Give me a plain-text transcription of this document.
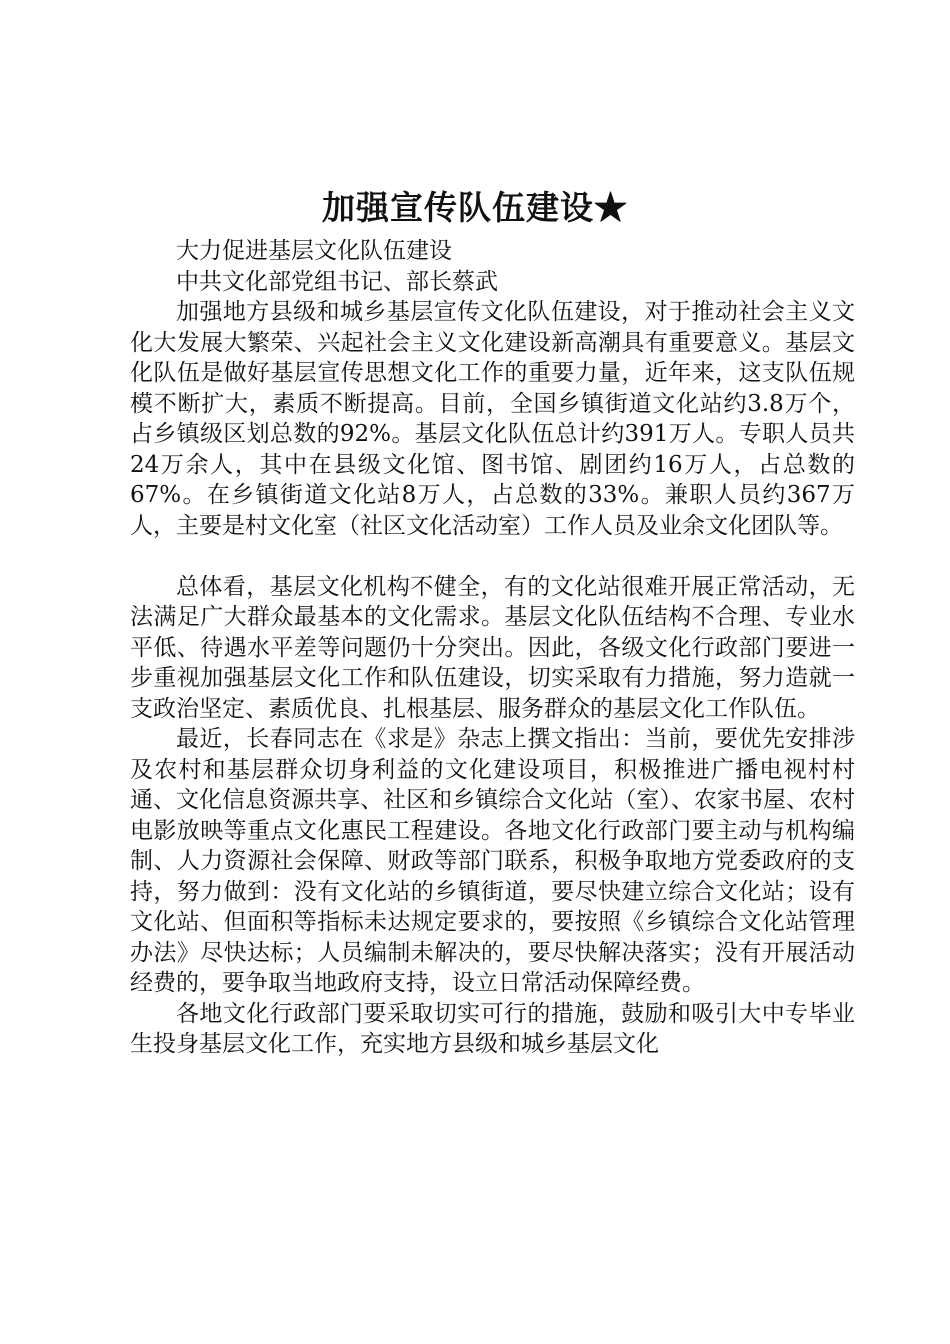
加强宣传队伍建设★

大力促进基层文化队伍建设

中共文化部党组书记、部长蔡武

加强地方县级和城乡基层宣传文化队伍建设，对于推动社会主义文化大发展大繁荣、兴起社会主义文化建设新高潮具有重要意义。基层文化队伍是做好基层宣传思想文化工作的重要力量，近年来，这支队伍规模不断扩大，素质不断提高。目前，全国乡镇街道文化站约3.8万个，占乡镇级区划总数的92%。基层文化队伍总计约391万人。专职人员共24万余人，其中在县级文化馆、图书馆、剧团约16万人，占总数的67%。在乡镇街道文化站8万人，占总数的33%。兼职人员约367万人，主要是村文化室（社区文化活动室）工作人员及业余文化团队等。

总体看，基层文化机构不健全，有的文化站很难开展正常活动，无法满足广大群众最基本的文化需求。基层文化队伍结构不合理、专业水平低、待遇水平差等问题仍十分突出。因此，各级文化行政部门要进一步重视加强基层文化工作和队伍建设，切实采取有力措施，努力造就一支政治坚定、素质优良、扎根基层、服务群众的基层文化工作队伍。

最近，长春同志在《求是》杂志上撰文指出：当前，要优先安排涉及农村和基层群众切身利益的文化建设项目，积极推进广播电视村村通、文化信息资源共享、社区和乡镇综合文化站（室）、农家书屋、农村电影放映等重点文化惠民工程建设。各地文化行政部门要主动与机构编制、人力资源社会保障、财政等部门联系，积极争取地方党委政府的支持，努力做到：没有文化站的乡镇街道，要尽快建立综合文化站；设有文化站、但面积等指标未达规定要求的，要按照《乡镇综合文化站管理办法》尽快达标；人员编制未解决的，要尽快解决落实；没有开展活动经费的，要争取当地政府支持，设立日常活动保障经费。

各地文化行政部门要采取切实可行的措施，鼓励和吸引大中专毕业生投身基层文化工作，充实地方县级和城乡基层文化
